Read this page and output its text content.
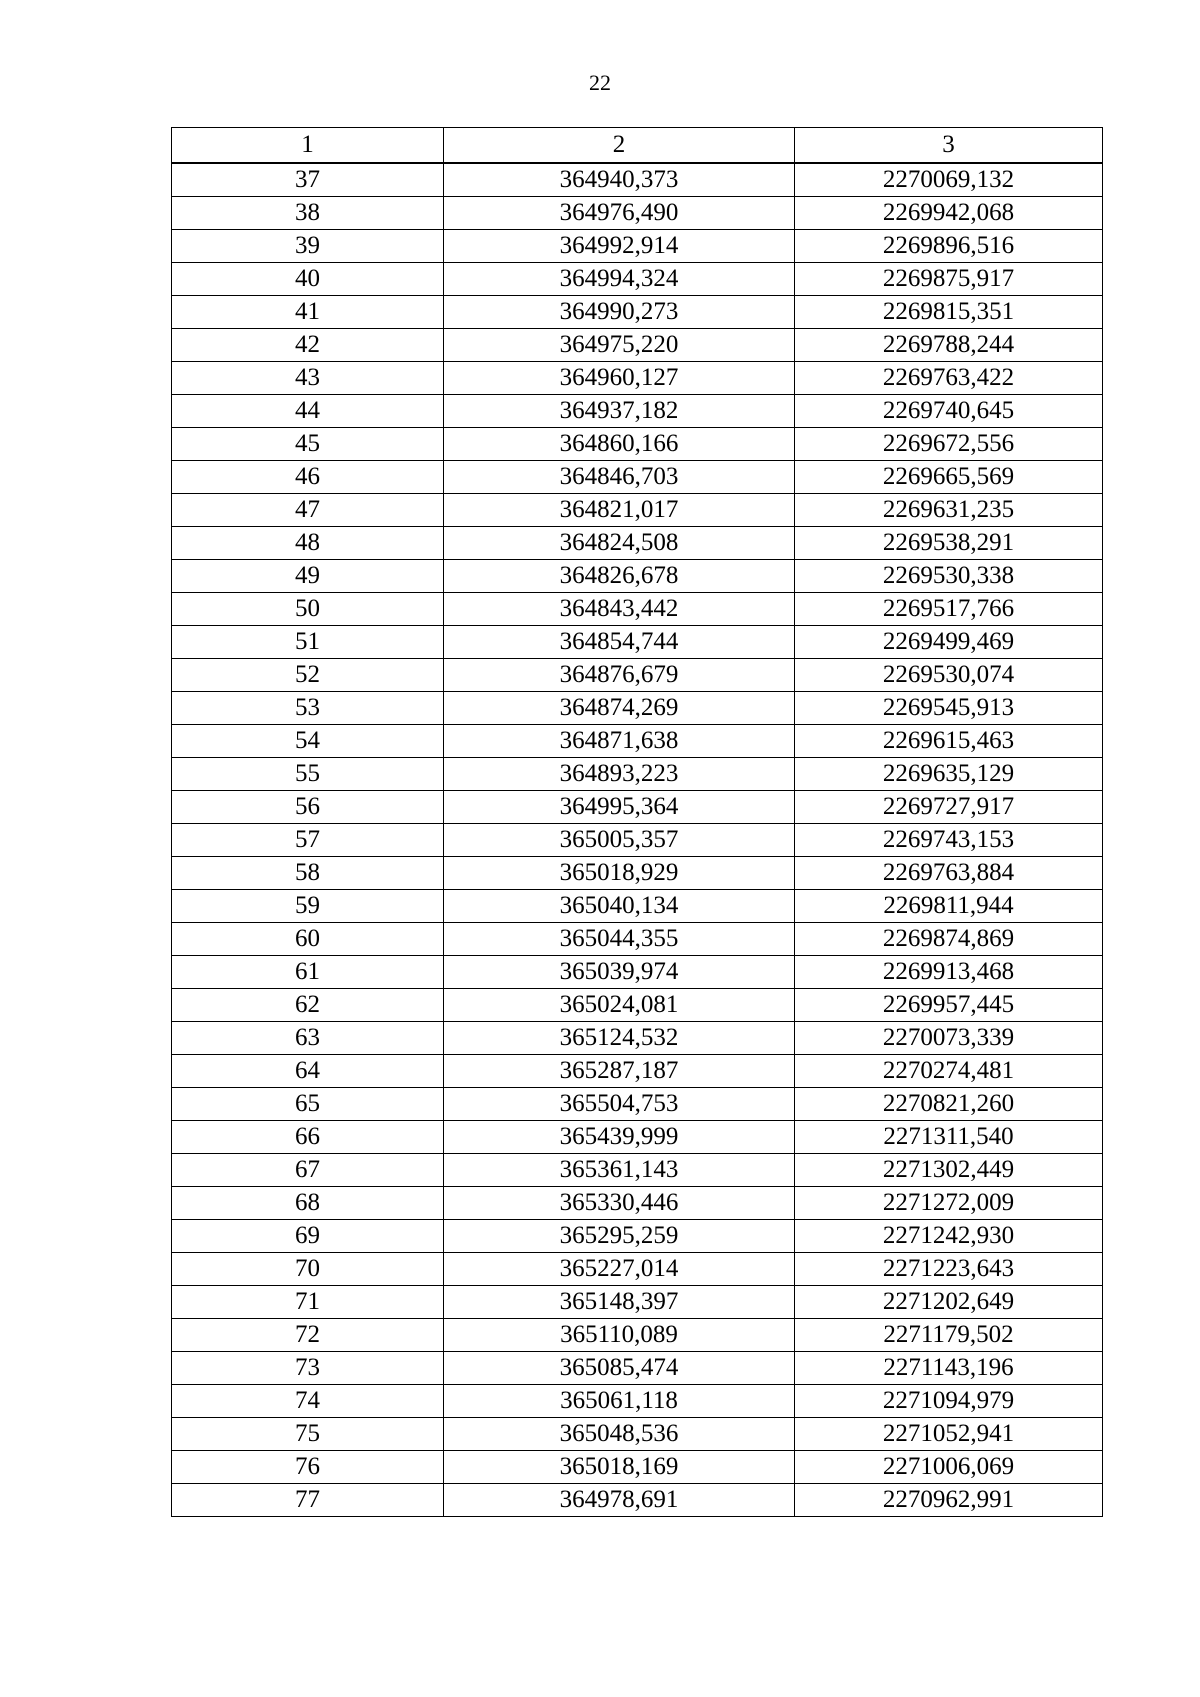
22
1	2	3
37	364940,373	2270069,132
38	364976,490	2269942,068
39	364992,914	2269896,516
40	364994,324	2269875,917
41	364990,273	2269815,351
42	364975,220	2269788,244
43	364960,127	2269763,422
44	364937,182	2269740,645
45	364860,166	2269672,556
46	364846,703	2269665,569
47	364821,017	2269631,235
48	364824,508	2269538,291
49	364826,678	2269530,338
50	364843,442	2269517,766
51	364854,744	2269499,469
52	364876,679	2269530,074
53	364874,269	2269545,913
54	364871,638	2269615,463
55	364893,223	2269635,129
56	364995,364	2269727,917
57	365005,357	2269743,153
58	365018,929	2269763,884
59	365040,134	2269811,944
60	365044,355	2269874,869
61	365039,974	2269913,468
62	365024,081	2269957,445
63	365124,532	2270073,339
64	365287,187	2270274,481
65	365504,753	2270821,260
66	365439,999	2271311,540
67	365361,143	2271302,449
68	365330,446	2271272,009
69	365295,259	2271242,930
70	365227,014	2271223,643
71	365148,397	2271202,649
72	365110,089	2271179,502
73	365085,474	2271143,196
74	365061,118	2271094,979
75	365048,536	2271052,941
76	365018,169	2271006,069
77	364978,691	2270962,991
